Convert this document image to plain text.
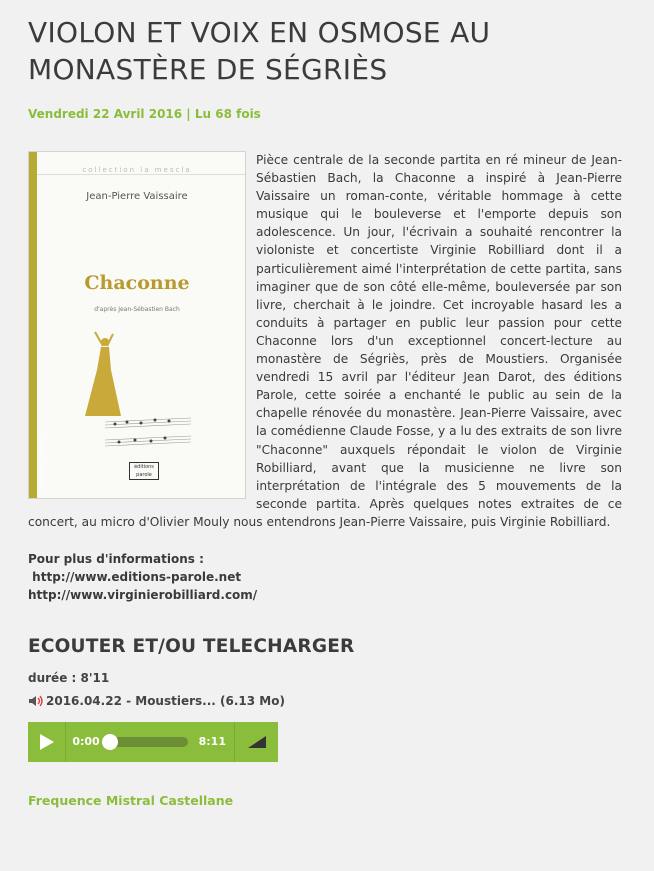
VIOLON ET VOIX EN OSMOSE AU
MONASTÈRE DE SÉGRIÈS
Vendredi 22 Avril 2016 | Lu 68 fois
collection la mescla
Jean-Pierre Vaissaire
Chaconne
d'après Jean-Sébastien Bach
roman-conte	éditions parole

Pièce centrale de la seconde partita en ré mineur de Jean-Sébastien Bach, la Chaconne a inspiré à Jean-Pierre Vaissaire un roman-conte, véritable hommage à cette musique qui le bouleverse et l'emporte depuis son adolescence. Un jour, l'écrivain a souhaité rencontrer la violoniste et concertiste Virginie Robilliard dont il a particulièrement aimé l'interprétation de cette partita, sans imaginer que de son côté elle-même, bouleversée par son livre, cherchait à le joindre. Cet incroyable hasard les a conduits à partager en public leur passion pour cette Chaconne lors d'un exceptionnel concert-lecture au monastère de Ségriès, près de Moustiers. Organisée vendredi 15 avril par l'éditeur Jean Darot, des éditions Parole, cette soirée a enchanté le public au sein de la chapelle rénovée du monastère. Jean-Pierre Vaissaire, avec la comédienne Claude Fosse, y a lu des extraits de son livre "Chaconne" auxquels répondait le violon de Virginie Robilliard, avant que la musicienne ne livre son interprétation de l'intégrale des 5 mouvements de la seconde partita. Après quelques notes extraites de ce concert, au micro d'Olivier Mouly nous entendrons Jean-Pierre Vaissaire, puis Virginie Robilliard.

Pour plus d'informations :
http://www.editions-parole.net
http://www.virginierobilliard.com/
ECOUTER ET/OU TELECHARGER
durée : 8'11
2016.04.22 - Moustiers... (6.13 Mo)
0:00	8:11
Frequence Mistral Castellane
